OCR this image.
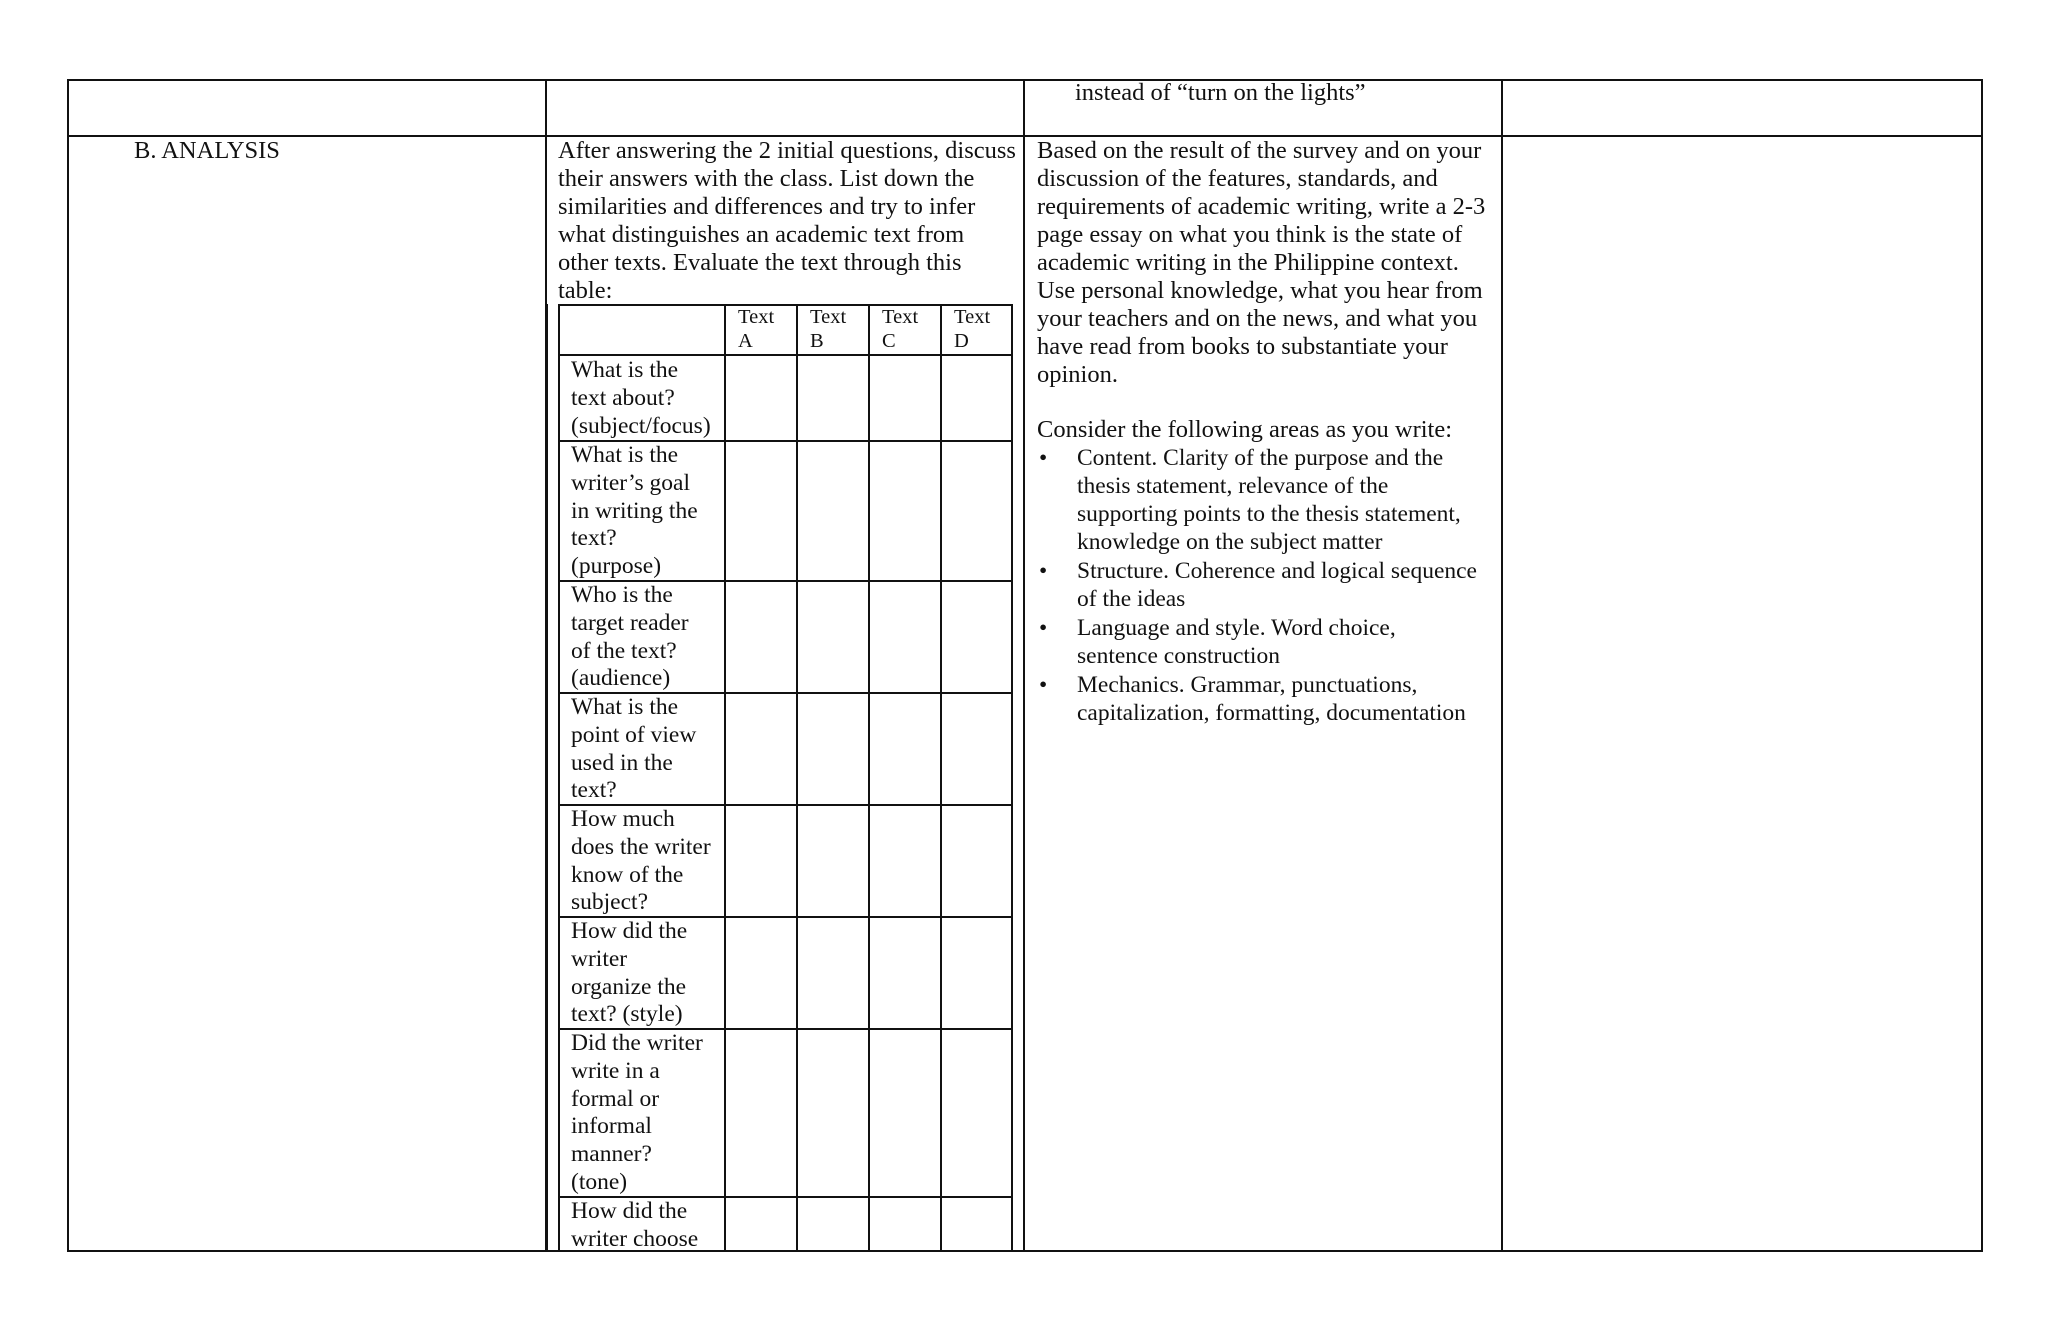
instead of “turn on the lights”
B. ANALYSIS	After answering the 2 initial questions, discuss
their answers with the class. List down the
similarities and differences and try to infer
what distinguishes an academic text from
other texts. Evaluate the text through this
table:
Text
A
Text
B
Text
C
Text
D
What is the
text about?
(subject/focus)
What is the
writer’s goal
in writing the
text?
(purpose)
Who is the
target reader
of the text?
(audience)
What is the
point of view
used in the
text?
How much
does the writer
know of the
subject?
How did the
writer
organize the
text? (style)
Did the writer
write in a
formal or
informal
manner?
(tone)
How did the
writer choose
Based on the result of the survey and on your
discussion of the features, standards, and
requirements of academic writing, write a 2-3
page essay on what you think is the state of
academic writing in the Philippine context.
Use personal knowledge, what you hear from
your teachers and on the news, and what you
have read from books to substantiate your
opinion.
Consider the following areas as you write:
• Content. Clarity of the purpose and the
thesis statement, relevance of the
supporting points to the thesis statement,
knowledge on the subject matter
• Structure. Coherence and logical sequence
of the ideas
• Language and style. Word choice,
sentence construction
• Mechanics. Grammar, punctuations,
capitalization, formatting, documentation
